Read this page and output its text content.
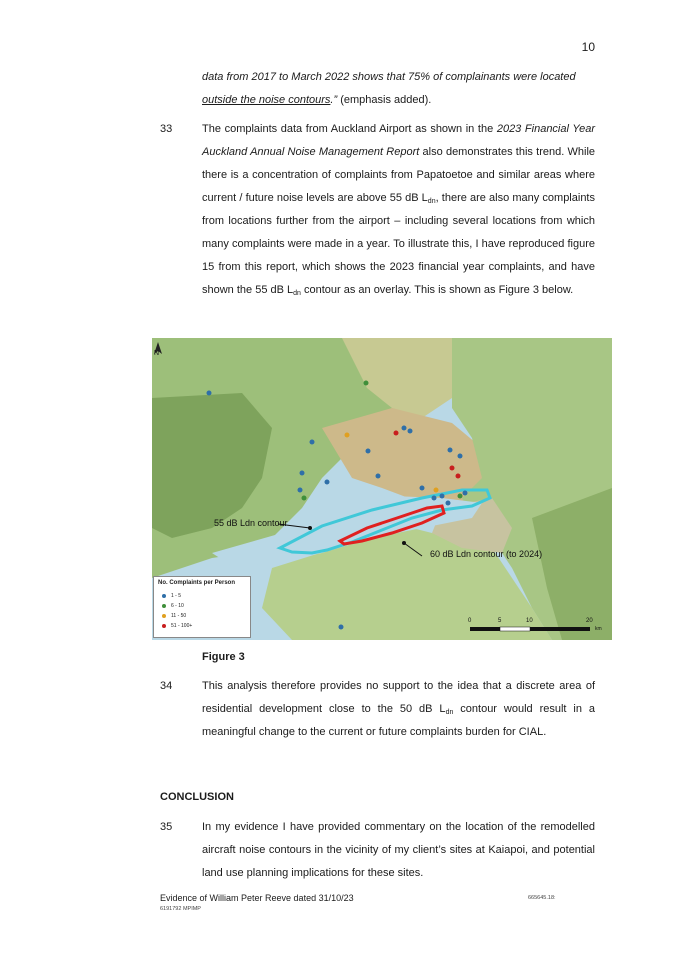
10
data from 2017 to March 2022 shows that 75% of complainants were located outside the noise contours.” (emphasis added).
33	The complaints data from Auckland Airport as shown in the 2023 Financial Year Auckland Annual Noise Management Report also demonstrates this trend. While there is a concentration of complaints from Papatoetoe and similar areas where current / future noise levels are above 55 dB $L_{dn}$, there are also many complaints from locations further from the airport – including several locations from which many complaints were made in a year. To illustrate this, I have reproduced figure 15 from this report, which shows the 2023 financial year complaints, and have shown the 55 dB $L_{dn}$ contour as an overlay. This is shown as Figure 3 below.
N
55 dB Ldn contour
60 dB Ldn contour (to 2024)
No. Complaints per Person
1 - 5
6 - 10
11 - 50
51 - 100+
0	5	10	20
km
Figure 3
34	This analysis therefore provides no support to the idea that a discrete area of residential development close to the 50 dB $L_{dn}$ contour would result in a meaningful change to the current or future complaints burden for CIAL.
CONCLUSION
35	In my evidence I have provided commentary on the location of the remodelled aircraft noise contours in the vicinity of my client’s sites at Kaiapoi, and potential land use planning implications for these sites.
Evidence of William Peter Reeve dated 31/10/23
6191792 MPIMP
665645.18:
